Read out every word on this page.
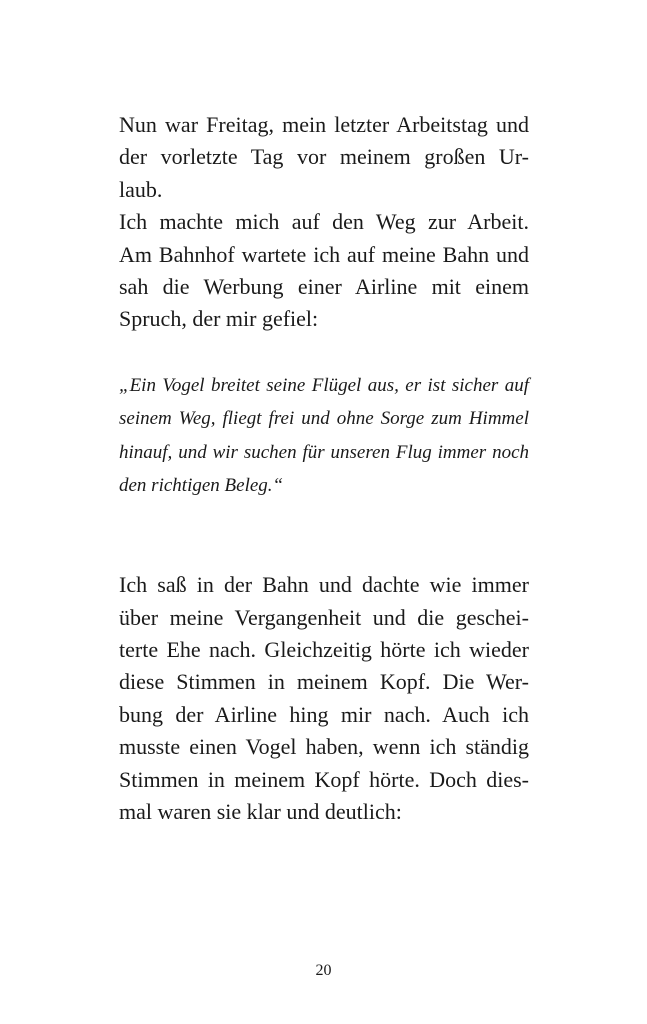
Nun war Freitag, mein letzter Arbeitstag und
der vorletzte Tag vor meinem großen Ur-
laub.
Ich machte mich auf den Weg zur Arbeit.
Am Bahnhof wartete ich auf meine Bahn und
sah die Werbung einer Airline mit einem
Spruch, der mir gefiel:
„Ein Vogel breitet seine Flügel aus, er ist sicher auf
seinem Weg, fliegt frei und ohne Sorge zum Himmel
hinauf, und wir suchen für unseren Flug immer noch
den richtigen Beleg.“
Ich saß in der Bahn und dachte wie immer
über meine Vergangenheit und die geschei-
terte Ehe nach. Gleichzeitig hörte ich wieder
diese Stimmen in meinem Kopf. Die Wer-
bung der Airline hing mir nach. Auch ich
musste einen Vogel haben, wenn ich ständig
Stimmen in meinem Kopf hörte. Doch dies-
mal waren sie klar und deutlich:
20
